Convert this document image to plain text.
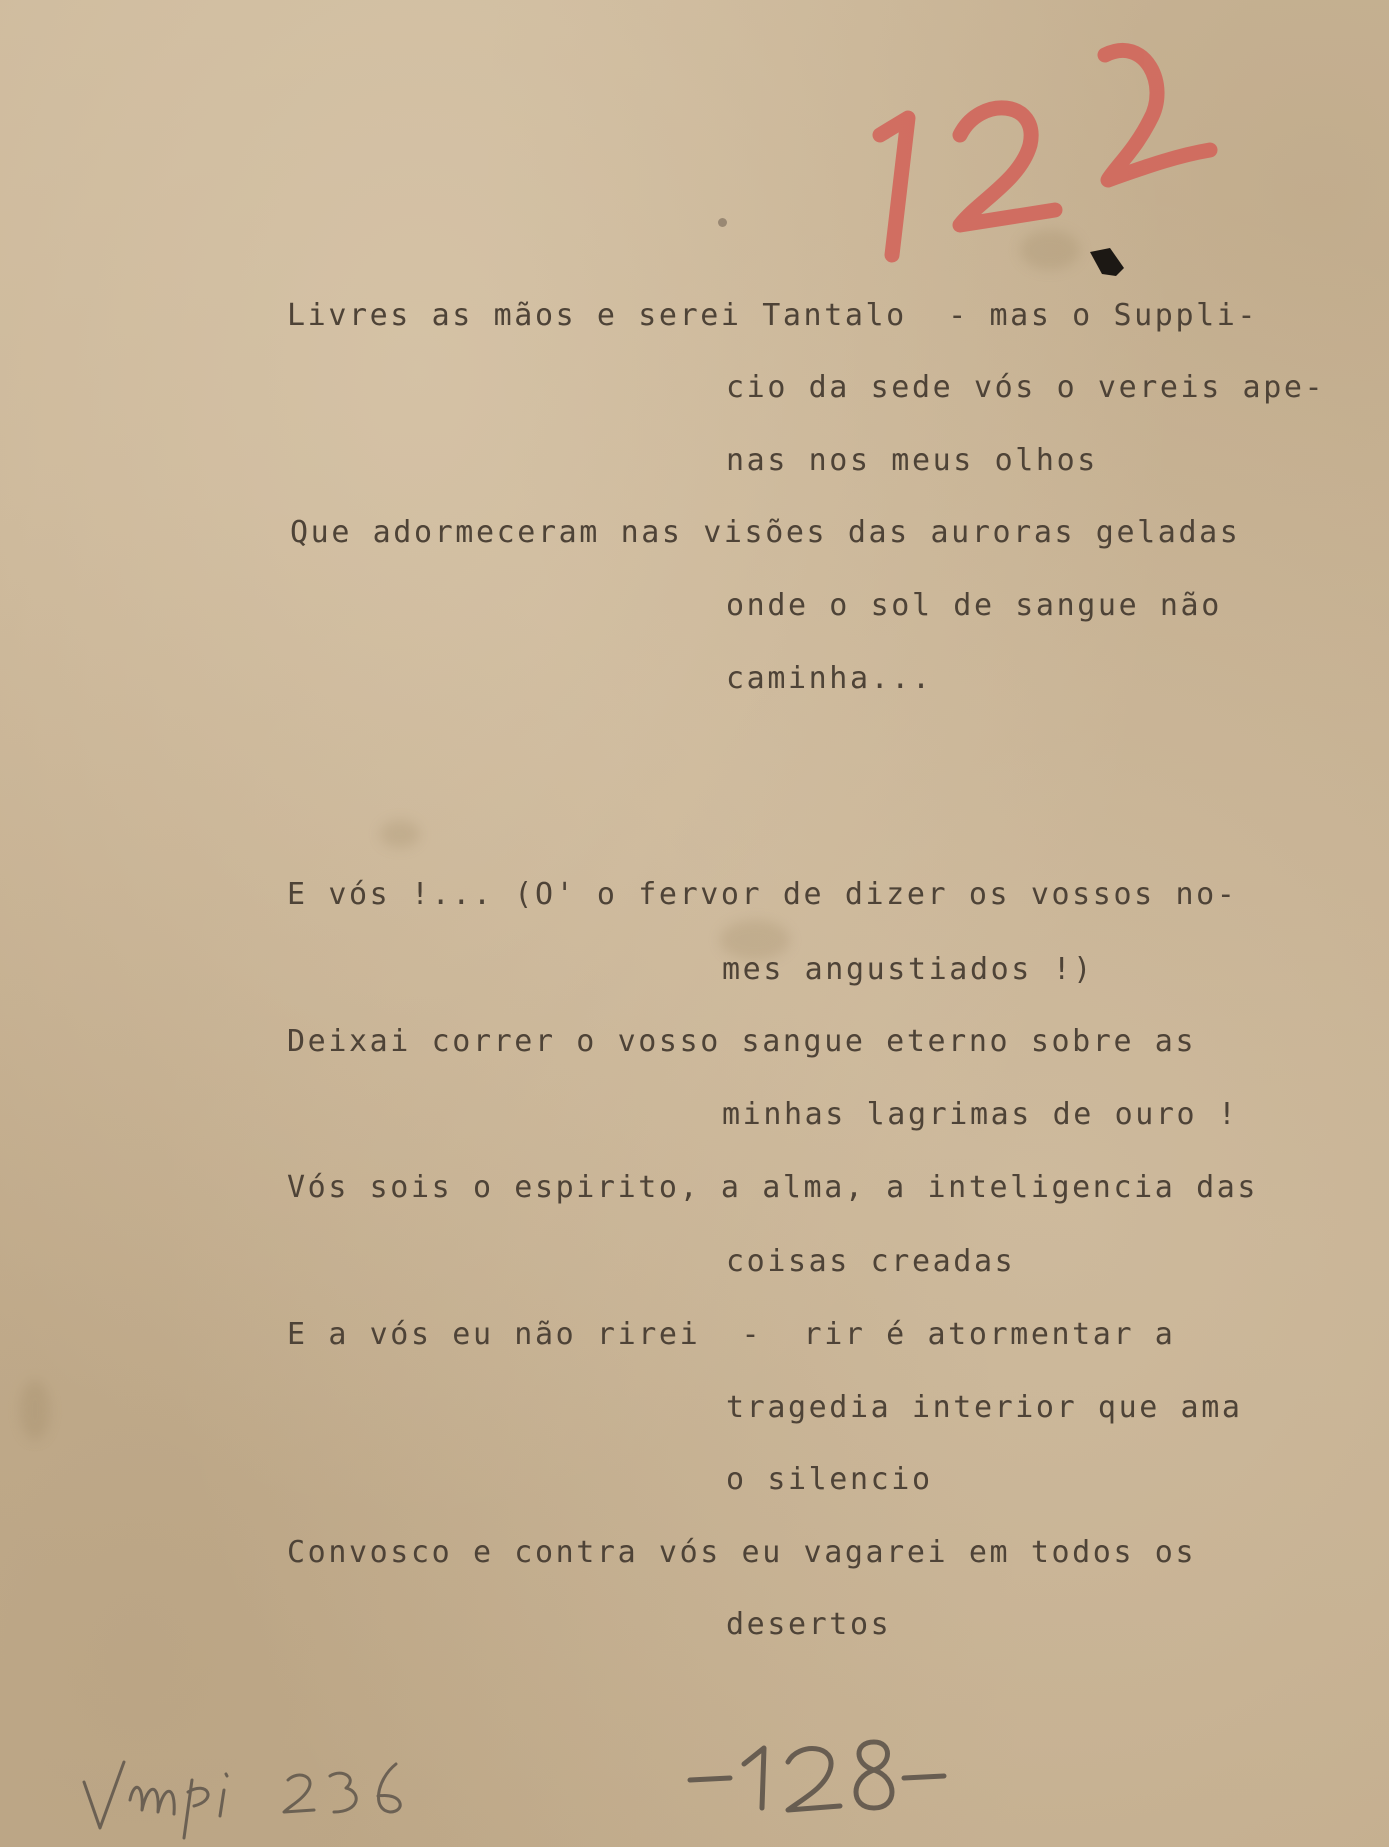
Livres as mãos e serei Tantalo  - mas o Suppli-

cio da sede vós o vereis ape-

nas nos meus olhos

Que adormeceram nas visões das auroras geladas

onde o sol de sangue não

caminha...

E vós !... (O' o fervor de dizer os vossos no-

mes angustiados !)

Deixai correr o vosso sangue eterno sobre as

minhas lagrimas de ouro !

Vós sois o espirito, a alma, a inteligencia das

coisas creadas

E a vós eu não rirei  -  rir é atormentar a

tragedia interior que ama

o silencio

Convosco e contra vós eu vagarei em todos os

desertos
